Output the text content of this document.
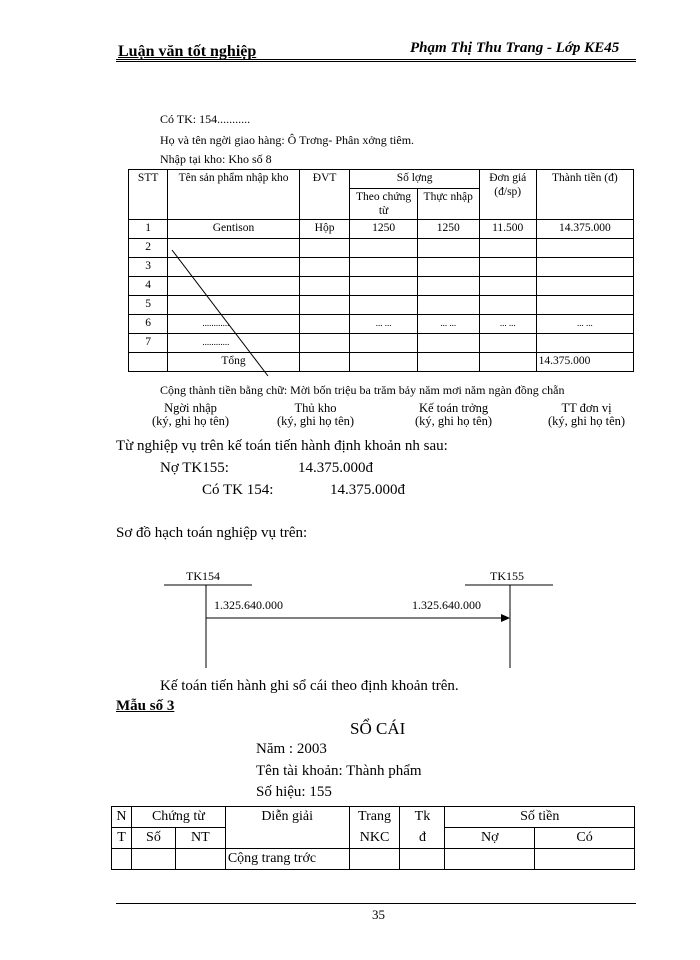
Luận văn tốt nghiệp	Phạm Thị Thu Trang - Lớp KE45
Có TK: 154...........
Họ và tên ngời giao hàng: Ô Trơng- Phân xởng tiêm.
Nhập tại kho: Kho số 8
STT	Tên sản phẩm nhập kho	ĐVT	Số lợng		Đơn giá (đ/sp)	Thành tiền (đ)
			Theo chứng từ	Thực nhập		

1	Gentison	Hộp	1250	1250	11.500	14.375.000
2						
3						
4						
5						
6	............		... ...	... ...	... ...	... ...
7	............					
	Tổng					14.375.000
Cộng thành tiền bằng chữ: Mời bốn triệu ba trăm bảy năm mơi năm ngàn đồng chẵn
Ngời nhập
(ký, ghi họ tên)
Thủ kho
(ký, ghi họ tên)
Kế toán trởng
(ký, ghi họ tên)
TT đơn vị
(ký, ghi họ tên)
Từ nghiệp vụ trên kế toán tiến hành định khoản nh sau:
Nợ TK155:	14.375.000đ
Có TK 154:	14.375.000đ
Sơ đồ hạch toán nghiệp vụ trên:
TK154	TK155
1.325.640.000	1.325.640.000
Kế toán tiến hành ghi sổ cái theo định khoản trên.
Mẫu số 3
SỔ CÁI
Năm : 2003
Tên tài khoản: Thành phẩm
Số hiệu: 155
N	Chứng từ		Diễn giải	Trang	Tk	Số tiền	
T	Số	NT		NKC	đ	Nợ	Có
			Cộng trang trớc				
35
